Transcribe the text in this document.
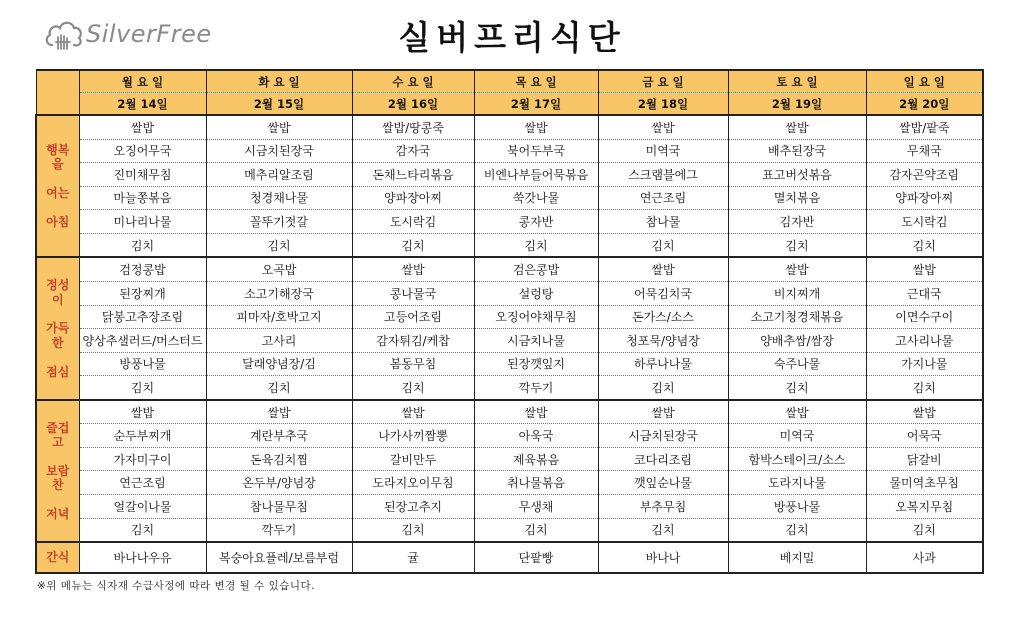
SilverFree	실버프리식단
	월 요 일	화 요 일	수 요 일	목 요 일	금 요 일	토 요 일	일 요 일
	2월 14일	2월 15일	2월 16일	2월 17일	2월 18일	2월 19일	2월 20일

행복
을

여는

아침	쌀밥	쌀밥	쌀밥/땅콩죽	쌀밥	쌀밥	쌀밥	쌀밥/팥죽
	오징어무국	시금치된장국	감자국	북어두부국	미역국	배추된장국	무채국
	진미채무침	메추리알조림	돈채느타리볶음	비엔나부들어묵볶음	스크램블에그	표고버섯볶음	감자곤약조림
	마늘쫑볶음	청경채나물	양파장아찌	쑥갓나물	연근조림	멸치볶음	양파장아찌
	미나리나물	꼴뚜기젓갈	도시락김	콩자반	참나물	김자반	도시락김
	김치	김치	김치	김치	김치	김치	김치

정성
이

가득
한

점심	검정콩밥	오곡밥	쌀밥	검은콩밥	쌀밥	쌀밥	쌀밥
	된장찌개	소고기해장국	콩나물국	설렁탕	어묵김치국	비지찌개	근대국
	닭봉고추장조림	피마자/호박고지	고등어조림	오징어야채무침	돈가스/소스	소고기청경채볶음	이면수구이
	양상추샐러드/머스터드	고사리	감자튀김/케찹	시금치나물	청포묵/양념장	양배추쌈/쌈장	고사리나물
	방풍나물	달래양념장/김	봄동무침	된장깻잎지	하루나나물	숙주나물	가지나물
	김치	김치	김치	깍두기	김치	김치	김치

즐겁
고

보람
찬

저녁	쌀밥	쌀밥	쌀밥	쌀밥	쌀밥	쌀밥	쌀밥
	순두부찌개	계란부추국	나가사끼짬뽕	아욱국	시금치된장국	미역국	어묵국
	가자미구이	돈육김치찜	갈비만두	제육볶음	코다리조림	함박스테이크/소스	닭갈비
	연근조림	온두부/양념장	도라지오이무침	취나물볶음	깻잎순나물	도라지나물	물미역초무침
	얼갈이나물	참나물무침	된장고추지	무생채	부추무침	방풍나물	오복지무침
	김치	깍두기	김치	김치	김치	김치	김치

간식	바나나우유	복숭아요플레/보름부럼	귤	단팥빵	바나나	베지밀	사과
※위 메뉴는 식자재 수급사정에 따라 변경 될 수 있습니다.
